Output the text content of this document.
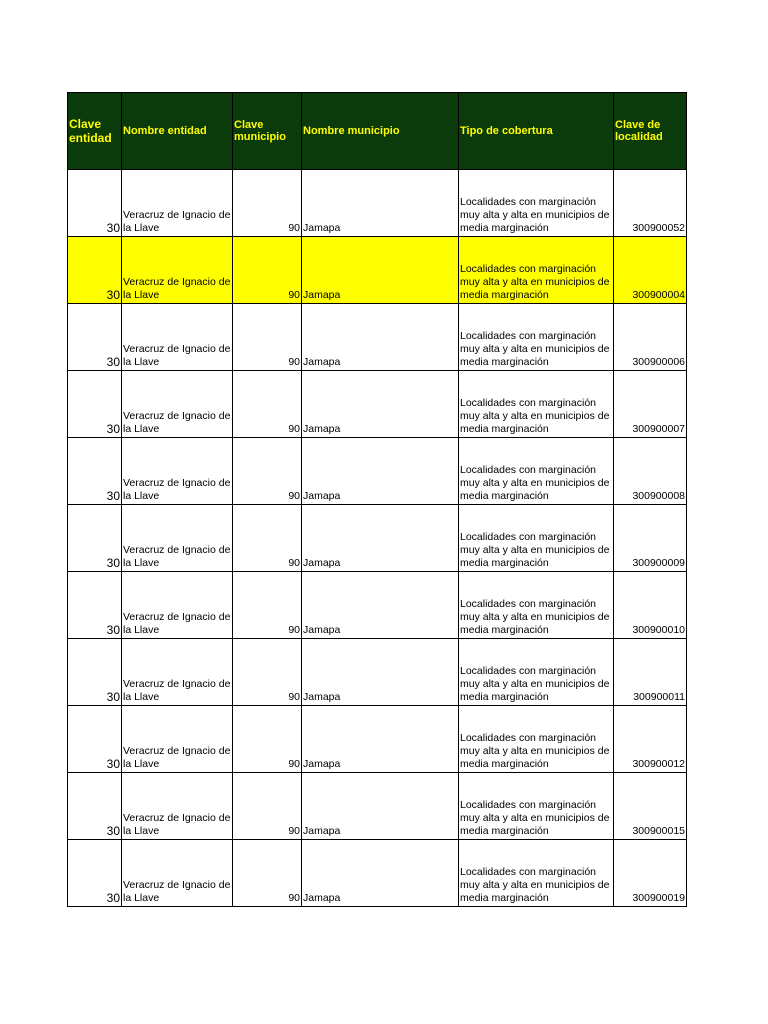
Clave entidad	Nombre entidad	Clave municipio	Nombre municipio	Tipo de cobertura	Clave de localidad
30	Veracruz de Ignacio de la Llave	90	Jamapa	Localidades con marginación muy alta y alta en municipios de media marginación	300900052
30	Veracruz de Ignacio de la Llave	90	Jamapa	Localidades con marginación muy alta y alta en municipios de media marginación	300900004
30	Veracruz de Ignacio de la Llave	90	Jamapa	Localidades con marginación muy alta y alta en municipios de media marginación	300900006
30	Veracruz de Ignacio de la Llave	90	Jamapa	Localidades con marginación muy alta y alta en municipios de media marginación	300900007
30	Veracruz de Ignacio de la Llave	90	Jamapa	Localidades con marginación muy alta y alta en municipios de media marginación	300900008
30	Veracruz de Ignacio de la Llave	90	Jamapa	Localidades con marginación muy alta y alta en municipios de media marginación	300900009
30	Veracruz de Ignacio de la Llave	90	Jamapa	Localidades con marginación muy alta y alta en municipios de media marginación	300900010
30	Veracruz de Ignacio de la Llave	90	Jamapa	Localidades con marginación muy alta y alta en municipios de media marginación	300900011
30	Veracruz de Ignacio de la Llave	90	Jamapa	Localidades con marginación muy alta y alta en municipios de media marginación	300900012
30	Veracruz de Ignacio de la Llave	90	Jamapa	Localidades con marginación muy alta y alta en municipios de media marginación	300900015
30	Veracruz de Ignacio de la Llave	90	Jamapa	Localidades con marginación muy alta y alta en municipios de media marginación	300900019
